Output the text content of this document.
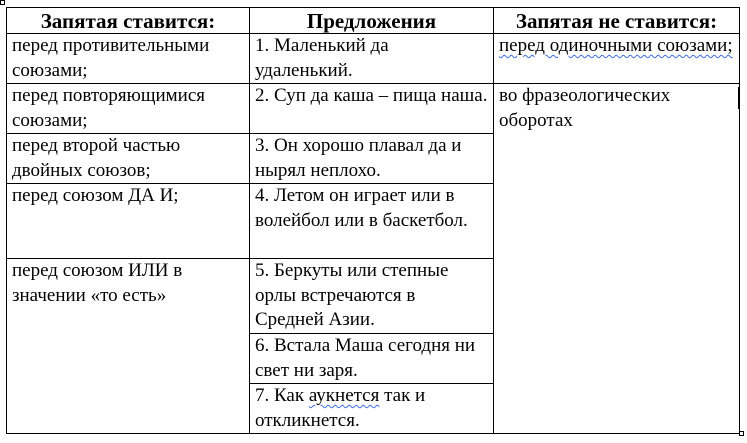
Запятая ставится:	Предложения	Запятая не ставится:
перед противительными союзами;	1. Маленький да удаленький.	перед одиночными союзами;
перед повторяющимися союзами;	2. Суп да каша – пища наша.	во фразеологических оборотах
перед второй частью двойных союзов;	3. Он хорошо плавал да и нырял неплохо.	
перед союзом ДА И;	4. Летом он играет или в волейбол или в баскетбол.	
перед союзом ИЛИ в значении «то есть»	5. Беркуты или степные орлы встречаются в Средней Азии.	
	6. Встала Маша сегодня ни свет ни заря.	
	7. Как аукнется так и откликнется.	
